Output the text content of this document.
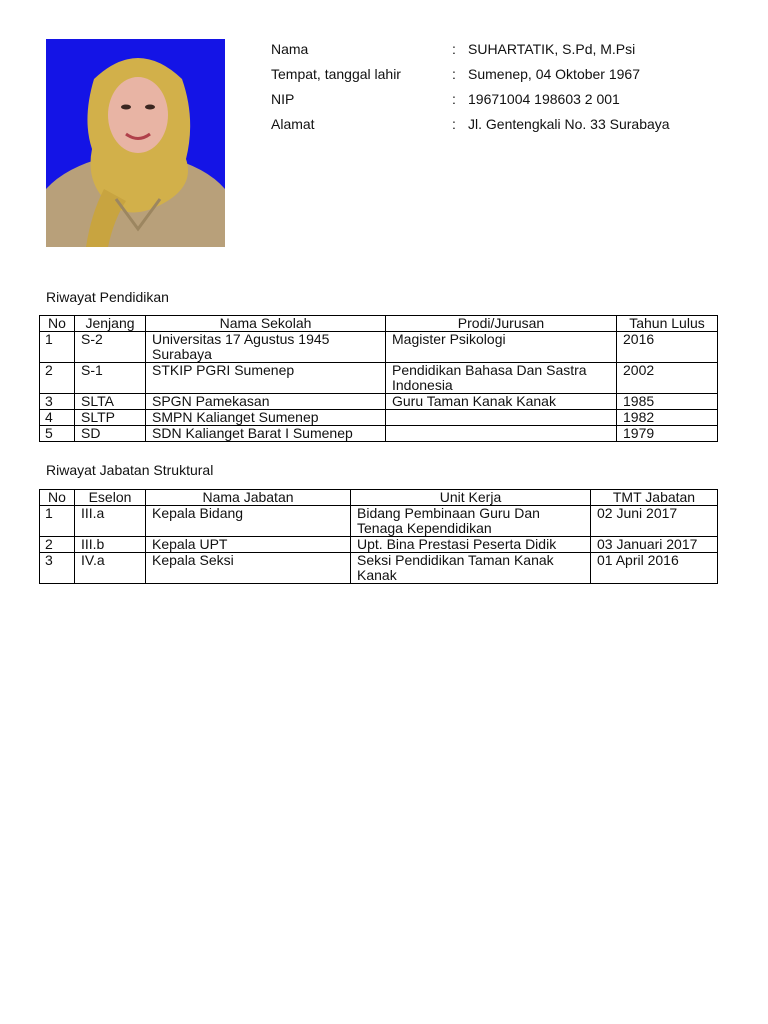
Nama	: SUHARTATIK, S.Pd, M.Psi
Tempat, tanggal lahir	: Sumenep, 04 Oktober 1967
NIP	: 19671004 198603 2 001
Alamat	: Jl. Gentengkali No. 33 Surabaya
Riwayat Pendidikan
No	Jenjang	Nama Sekolah	Prodi/Jurusan	Tahun Lulus
1	S-2	Universitas 17 Agustus 1945 Surabaya	Magister Psikologi	2016
2	S-1	STKIP PGRI Sumenep	Pendidikan Bahasa Dan Sastra Indonesia	2002
3	SLTA	SPGN Pamekasan	Guru Taman Kanak Kanak	1985
4	SLTP	SMPN Kalianget Sumenep		1982
5	SD	SDN Kalianget Barat I Sumenep		1979
Riwayat Jabatan Struktural
No	Eselon	Nama Jabatan	Unit Kerja	TMT Jabatan
1	III.a	Kepala Bidang	Bidang Pembinaan Guru Dan Tenaga Kependidikan	02 Juni 2017
2	III.b	Kepala UPT	Upt. Bina Prestasi Peserta Didik	03 Januari 2017
3	IV.a	Kepala Seksi	Seksi Pendidikan Taman Kanak Kanak	01 April 2016
